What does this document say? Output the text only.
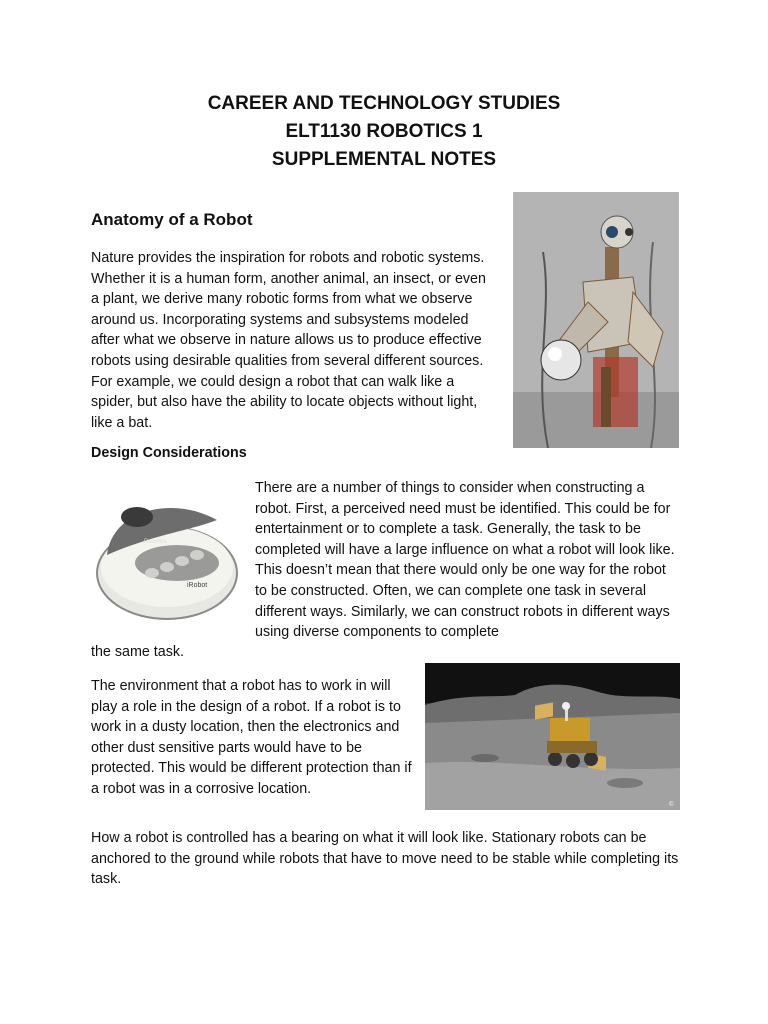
CAREER AND TECHNOLOGY STUDIES
ELT1130 ROBOTICS 1
SUPPLEMENTAL NOTES
Anatomy of a Robot

Nature provides the inspiration for robots and robotic systems. Whether it is a human form, another animal, an insect, or even a plant, we derive many robotic forms from what we observe around us. Incorporating systems and subsystems modeled after what we observe in nature allows us to produce effective robots using desirable qualities from several different sources. For example, we could design a robot that can walk like a spider, but also have the ability to locate objects without light, like a bat.

Design Considerations
iRobot
Roomba

There are a number of things to consider when constructing a robot. First, a perceived need must be identified. This could be for entertainment or to complete a task. Generally, the task to be completed will have a large influence on what a robot will look like. This doesn’t mean that there would only be one way for the robot to be constructed. Often, we can complete one task in several different ways. Similarly, we can construct robots in different ways using diverse components to complete

the same task.

The environment that a robot has to work in will play a role in the design of a robot. If a robot is to work in a dusty location, then the electronics and other dust sensitive parts would have to be protected. This would be different protection than if a robot was in a corrosive location.

©

How a robot is controlled has a bearing on what it will look like. Stationary robots can be anchored to the ground while robots that have to move need to be stable while completing its task.
